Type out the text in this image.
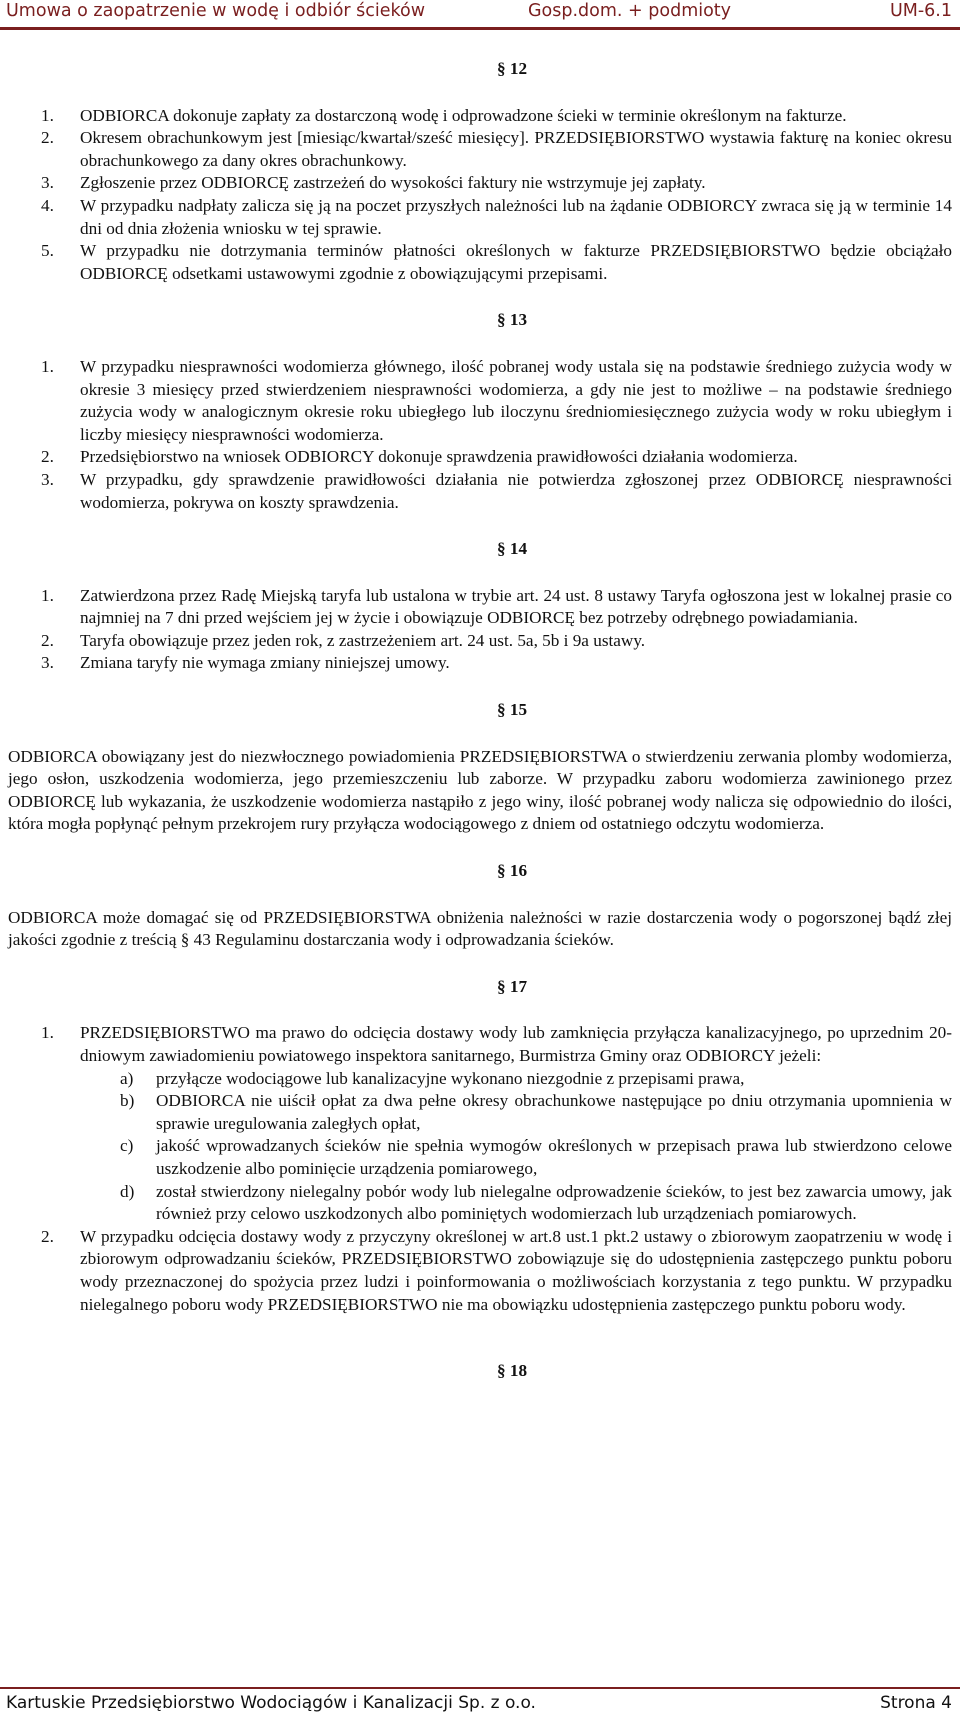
Umowa o zaopatrzenie w wodę i odbiór ścieków	Gosp.dom. + podmioty	UM-6.1
§ 12
1. ODBIORCA dokonuje zapłaty za dostarczoną wodę i odprowadzone ścieki w terminie określonym na fakturze.
2. Okresem obrachunkowym jest [miesiąc/kwartał/sześć miesięcy]. PRZEDSIĘBIORSTWO wystawia fakturę na koniec okresu obrachunkowego za dany okres obrachunkowy.
3. Zgłoszenie przez ODBIORCĘ zastrzeżeń do wysokości faktury nie wstrzymuje jej zapłaty.
4. W przypadku nadpłaty zalicza się ją na poczet przyszłych należności lub na żądanie ODBIORCY zwraca się ją w terminie 14 dni od dnia złożenia wniosku w tej sprawie.
5. W przypadku nie dotrzymania terminów płatności określonych w fakturze PRZEDSIĘBIORSTWO będzie obciążało ODBIORCĘ odsetkami ustawowymi zgodnie z obowiązującymi przepisami.
§ 13
1. W przypadku niesprawności wodomierza głównego, ilość pobranej wody ustala się na podstawie średniego zużycia wody w okresie 3 miesięcy przed stwierdzeniem niesprawności wodomierza, a gdy nie jest to możliwe – na podstawie średniego zużycia wody w analogicznym okresie roku ubiegłego lub iloczynu średniomiesięcznego zużycia wody w roku ubiegłym i liczby miesięcy niesprawności wodomierza.
2. Przedsiębiorstwo na wniosek ODBIORCY dokonuje sprawdzenia prawidłowości działania wodomierza.
3. W przypadku, gdy sprawdzenie prawidłowości działania nie potwierdza zgłoszonej przez ODBIORCĘ niesprawności wodomierza, pokrywa on koszty sprawdzenia.
§ 14
1. Zatwierdzona przez Radę Miejską taryfa lub ustalona w trybie art. 24 ust. 8 ustawy Taryfa ogłoszona jest w lokalnej prasie co najmniej na 7 dni przed wejściem jej w życie i obowiązuje ODBIORCĘ bez potrzeby odrębnego powiadamiania.
2. Taryfa obowiązuje przez jeden rok, z zastrzeżeniem art. 24 ust. 5a, 5b i 9a ustawy.
3. Zmiana taryfy nie wymaga zmiany niniejszej umowy.
§ 15
ODBIORCA obowiązany jest do niezwłocznego powiadomienia PRZEDSIĘBIORSTWA o stwierdzeniu zerwania plomby wodomierza, jego osłon, uszkodzenia wodomierza, jego przemieszczeniu lub zaborze. W przypadku zaboru wodomierza zawinionego przez ODBIORCĘ lub wykazania, że uszkodzenie wodomierza nastąpiło z jego winy, ilość pobranej wody nalicza się odpowiednio do ilości, która mogła popłynąć pełnym przekrojem rury przyłącza wodociągowego z dniem od ostatniego odczytu wodomierza.
§ 16
ODBIORCA może domagać się od PRZEDSIĘBIORSTWA obniżenia należności w razie dostarczenia wody o pogorszonej bądź złej jakości zgodnie z treścią § 43 Regulaminu dostarczania wody i odprowadzania ścieków.
§ 17
1. PRZEDSIĘBIORSTWO ma prawo do odcięcia dostawy wody lub zamknięcia przyłącza kanalizacyjnego, po uprzednim 20-dniowym zawiadomieniu powiatowego inspektora sanitarnego, Burmistrza Gminy oraz ODBIORCY jeżeli:
a) przyłącze wodociągowe lub kanalizacyjne wykonano niezgodnie z przepisami prawa,
b) ODBIORCA nie uiścił opłat za dwa pełne okresy obrachunkowe następujące po dniu otrzymania upomnienia w sprawie uregulowania zaległych opłat,
c) jakość wprowadzanych ścieków nie spełnia wymogów określonych w przepisach prawa lub stwierdzono celowe uszkodzenie albo pominięcie urządzenia pomiarowego,
d) został stwierdzony nielegalny pobór wody lub nielegalne odprowadzenie ścieków, to jest bez zawarcia umowy, jak również przy celowo uszkodzonych albo pominiętych wodomierzach lub urządzeniach pomiarowych.
2. W przypadku odcięcia dostawy wody z przyczyny określonej w art.8 ust.1 pkt.2 ustawy o zbiorowym zaopatrzeniu w wodę i zbiorowym odprowadzaniu ścieków, PRZEDSIĘBIORSTWO zobowiązuje się do udostępnienia zastępczego punktu poboru wody przeznaczonej do spożycia przez ludzi i poinformowania o możliwościach korzystania z tego punktu. W przypadku nielegalnego poboru wody PRZEDSIĘBIORSTWO nie ma obowiązku udostępnienia zastępczego punktu poboru wody.
§ 18
Kartuskie Przedsiębiorstwo Wodociągów i Kanalizacji Sp. z o.o.	Strona 4
